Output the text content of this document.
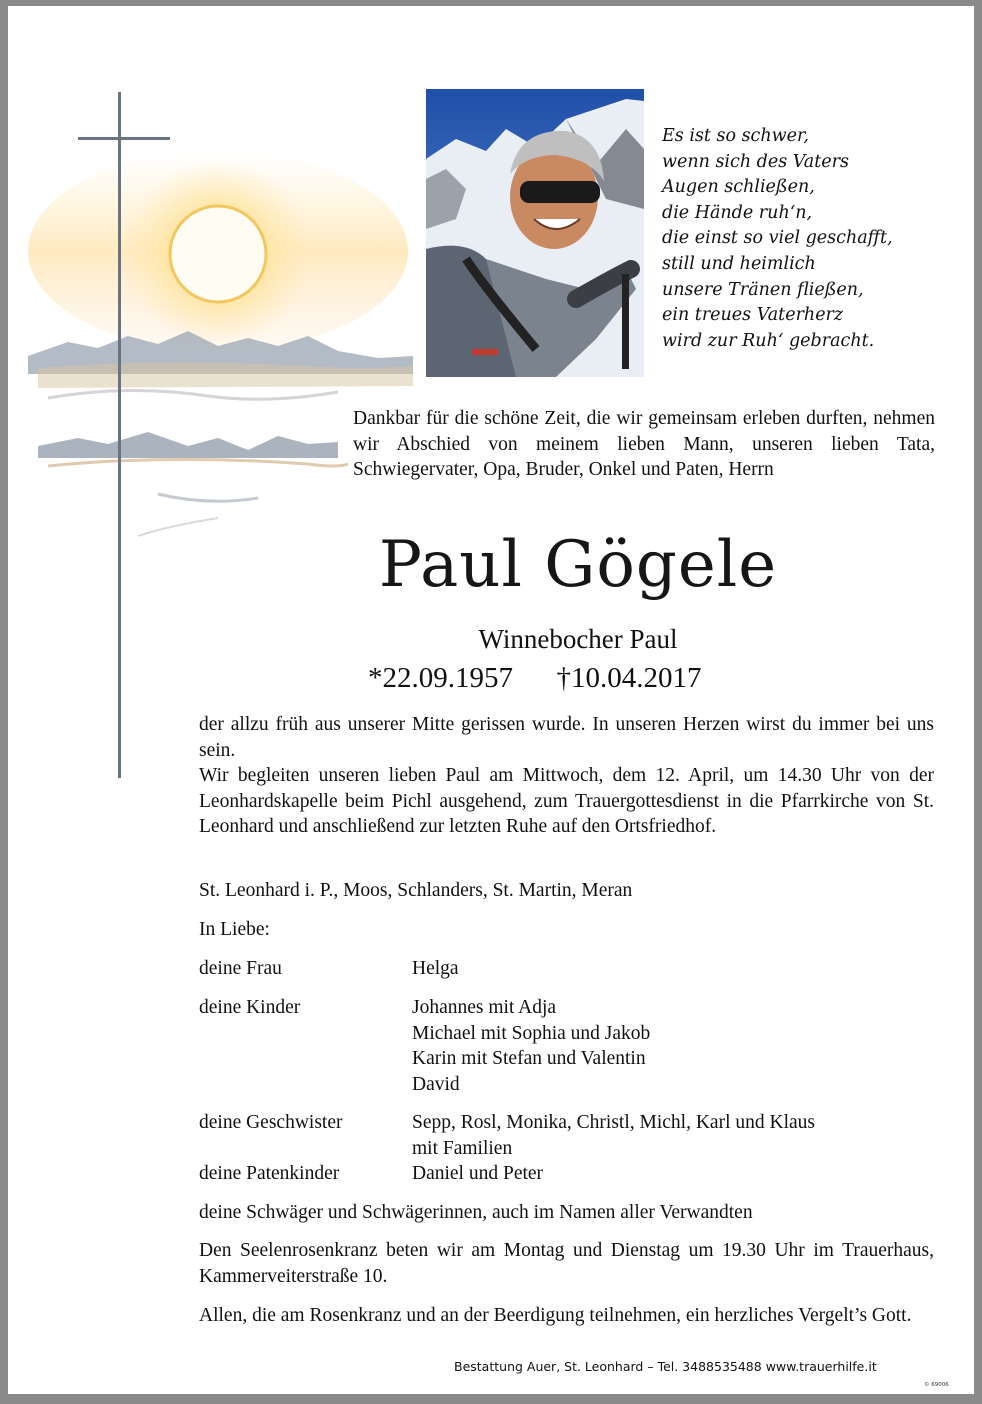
Es ist so schwer,
wenn sich des Vaters
Augen schließen,
die Hände ruh‘n,
die einst so viel geschafft,
still und heimlich
unsere Tränen fließen,
ein treues Vaterherz
wird zur Ruh‘ gebracht.
Dankbar für die schöne Zeit, die wir gemeinsam erleben durften, nehmen wir Abschied von meinem lieben Mann, unseren lieben Tata, Schwiegervater, Opa, Bruder, Onkel und Paten, Herrn
Paul Gögele
Winnebocher Paul
*22.09.1957 †10.04.2017
der allzu früh aus unserer Mitte gerissen wurde. In unseren Herzen wirst du immer bei uns sein.
Wir begleiten unseren lieben Paul am Mittwoch, dem 12. April, um 14.30 Uhr von der Leonhardskapelle beim Pichl ausgehend, zum Trauergottesdienst in die Pfarrkirche von St. Leonhard und anschließend zur letzten Ruhe auf den Ortsfriedhof.
St. Leonhard i. P., Moos, Schlanders, St. Martin, Meran
In Liebe:
deine Frau	Helga
deine Kinder	Johannes mit Adja
Michael mit Sophia und Jakob
Karin mit Stefan und Valentin
David
deine Geschwister	Sepp, Rosl, Monika, Christl, Michl, Karl und Klaus
mit Familien
deine Patenkinder	Daniel und Peter
deine Schwäger und Schwägerinnen, auch im Namen aller Verwandten
Den Seelenrosenkranz beten wir am Montag und Dienstag um 19.30 Uhr im Trauerhaus, Kammerveiterstraße 10.
Allen, die am Rosenkranz und an der Beerdigung teilnehmen, ein herzliches Vergelt’s Gott.
Bestattung Auer, St. Leonhard – Tel. 3488535488 www.trauerhilfe.it
© 69006
